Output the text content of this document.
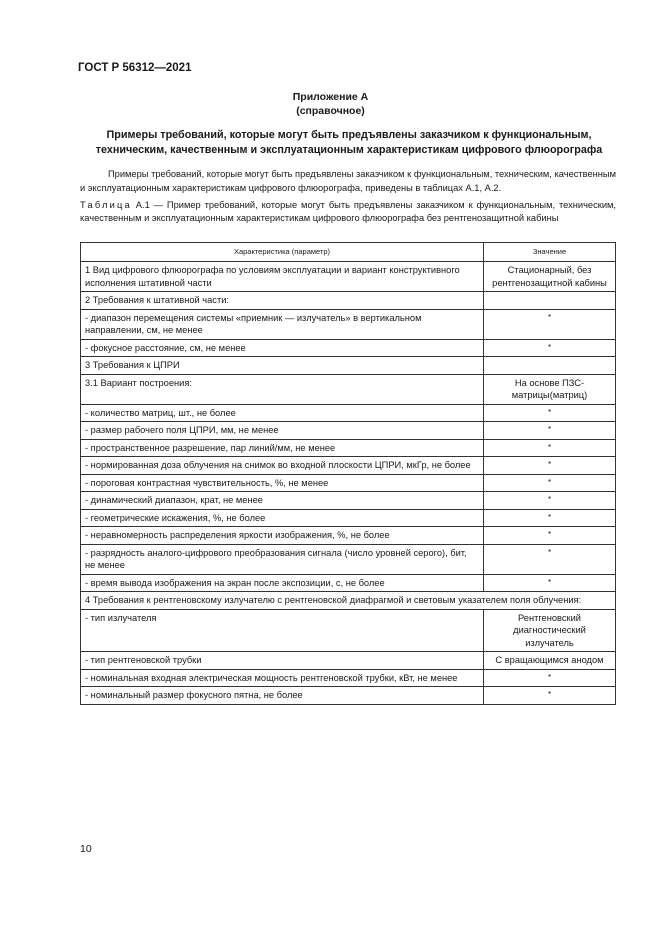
ГОСТ Р 56312—2021
Приложение А
(справочное)
Примеры требований, которые могут быть предъявлены заказчиком к функциональным, техническим, качественным и эксплуатационным характеристикам цифрового флюорографа
Примеры требований, которые могут быть предъявлены заказчиком к функциональным, техническим, качественным и эксплуатационным характеристикам цифрового флюорографа, приведены в таблицах А.1, А.2.
Таблица А.1 — Пример требований, которые могут быть предъявлены заказчиком к функциональным, техническим, качественным и эксплуатационным характеристикам цифрового флюорографа без рентгенозащитной кабины
Характеристика (параметр)	Значение
1 Вид цифрового флюорографа по условиям эксплуатации и вариант конструктивного исполнения штативной части	Стационарный, без рентгенозащитной кабины
2 Требования к штативной части:	
- диапазон перемещения системы «приемник — излучатель» в вертикальном направлении, см, не менее	*
- фокусное расстояние, см, не менее	*
3 Требования к ЦПРИ	
3.1 Вариант построения:	На основе ПЗС-матрицы(матриц)
- количество матриц, шт., не более	*
- размер рабочего поля ЦПРИ, мм, не менее	*
- пространственное разрешение, пар линий/мм, не менее	*
- нормированная доза облучения на снимок во входной плоскости ЦПРИ, мкГр, не более	*
- пороговая контрастная чувствительность, %, не менее	*
- динамический диапазон, крат, не менее	*
- геометрические искажения, %, не более	*
- неравномерность распределения яркости изображения, %, не более	*
- разрядность аналого-цифрового преобразования сигнала (число уровней серого), бит, не менее	*
- время вывода изображения на экран после экспозиции, с, не более	*
4 Требования к рентгеновскому излучателю с рентгеновской диафрагмой и световым указателем поля облучения:	
- тип излучателя	Рентгеновский диагностический излучатель
- тип рентгеновской трубки	С вращающимся анодом
- номинальная входная электрическая мощность рентгеновской трубки, кВт, не менее	*
- номинальный размер фокусного пятна, не более	*
10
